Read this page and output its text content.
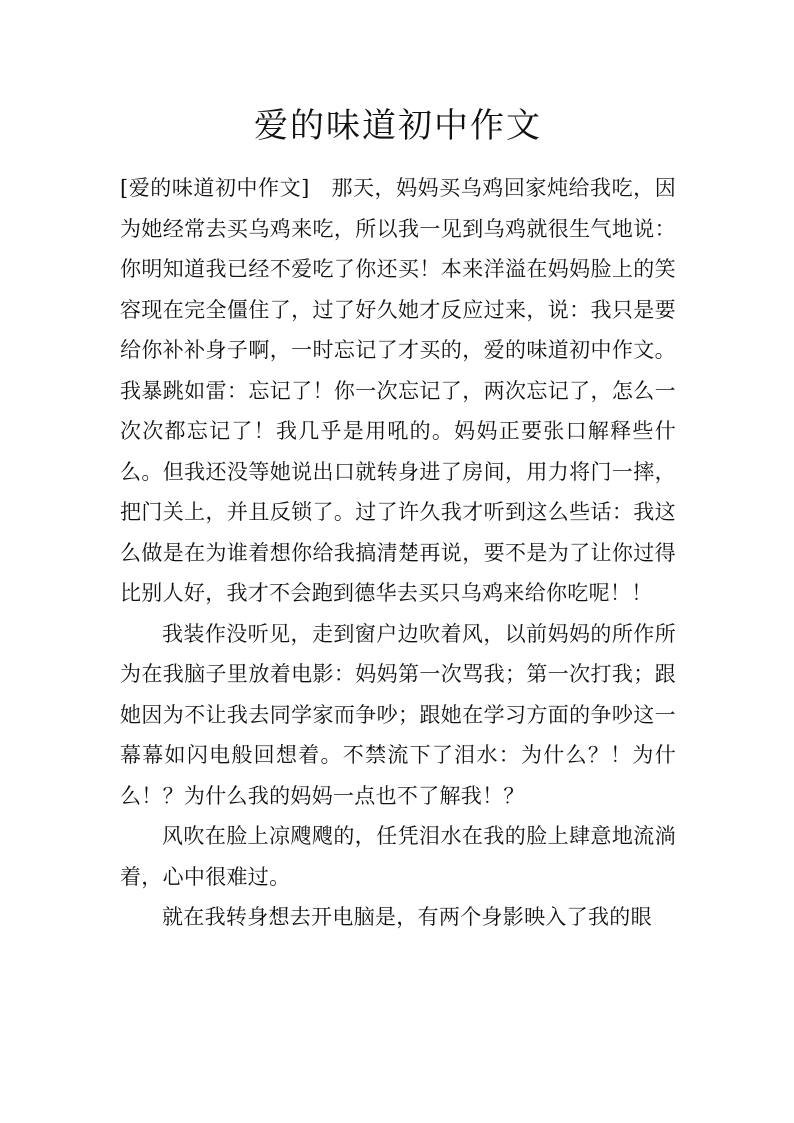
爱的味道初中作文

[爱的味道初中作文]　那天，妈妈买乌鸡回家炖给我吃，因为她经常去买乌鸡来吃，所以我一见到乌鸡就很生气地说：你明知道我已经不爱吃了你还买！本来洋溢在妈妈脸上的笑容现在完全僵住了，过了好久她才反应过来，说：我只是要给你补补身子啊，一时忘记了才买的，爱的味道初中作文。我暴跳如雷：忘记了！你一次忘记了，两次忘记了，怎么一次次都忘记了！我几乎是用吼的。妈妈正要张口解释些什么。但我还没等她说出口就转身进了房间，用力将门一摔，把门关上，并且反锁了。过了许久我才听到这么些话：我这么做是在为谁着想你给我搞清楚再说，要不是为了让你过得比别人好，我才不会跑到德华去买只乌鸡来给你吃呢！！

我装作没听见，走到窗户边吹着风，以前妈妈的所作所为在我脑子里放着电影：妈妈第一次骂我；第一次打我；跟她因为不让我去同学家而争吵；跟她在学习方面的争吵这一幕幕如闪电般回想着。不禁流下了泪水：为什么？！为什么！？为什么我的妈妈一点也不了解我！？

风吹在脸上凉飕飕的，任凭泪水在我的脸上肆意地流淌着，心中很难过。

就在我转身想去开电脑是，有两个身影映入了我的眼
